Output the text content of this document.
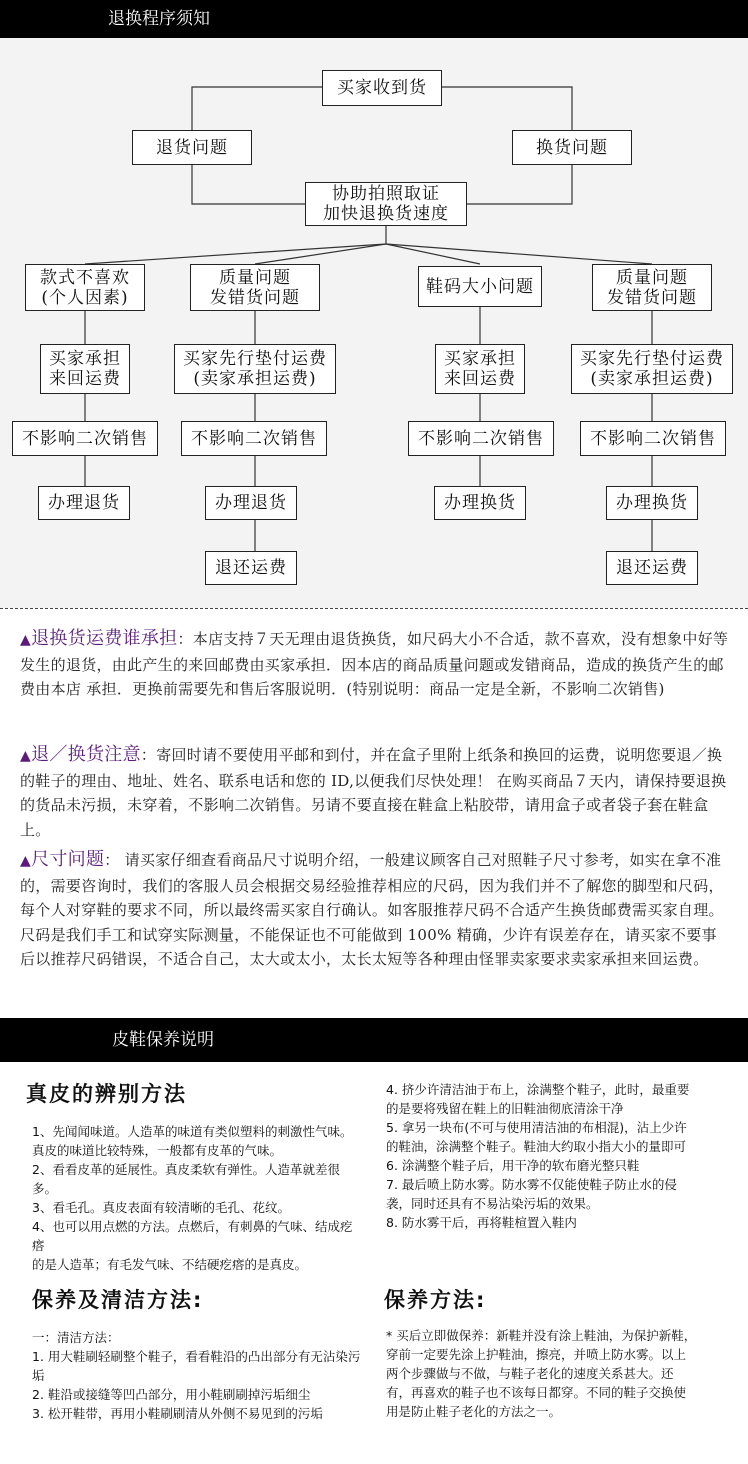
退换程序须知
买家收到货
退货问题	换货问题
协助拍照取证
加快退换货速度
款式不喜欢
(个人因素)
质量问题
发错货问题
鞋码大小问题	质量问题
发错货问题
买家承担
来回运费
买家先行垫付运费
(卖家承担运费)
买家承担
来回运费
买家先行垫付运费
(卖家承担运费)
不影响二次销售	不影响二次销售	不影响二次销售	不影响二次销售
办理退货	办理退货	办理换货	办理换货
退还运费	退还运费
▲退换货运费谁承担：本店支持７天无理由退货换货，如尺码大小不合适，款不喜欢，没有想象中好等发生的退货，由此产生的来回邮费由买家承担．因本店的商品质量问题或发错商品，造成的换货产生的邮费由本店 承担．更换前需要先和售后客服说明．(特别说明：商品一定是全新，不影响二次销售)
▲退／换货注意：寄回时请不要使用平邮和到付，并在盒子里附上纸条和换回的运费，说明您要退／换的鞋子的理由、地址、姓名、联系电话和您的 ID,以便我们尽快处理！ 在购买商品７天内，请保持要退换的货品未污损，未穿着，不影响二次销售。另请不要直接在鞋盒上粘胶带，请用盒子或者袋子套在鞋盒上。
▲尺寸问题： 请买家仔细查看商品尺寸说明介绍，一般建议顾客自己对照鞋子尺寸参考，如实在拿不准的，需要咨询时，我们的客服人员会根据交易经验推荐相应的尺码，因为我们并不了解您的脚型和尺码，每个人对穿鞋的要求不同，所以最终需买家自行确认。如客服推荐尺码不合适产生换货邮费需买家自理。尺码是我们手工和试穿实际测量，不能保证也不可能做到 100% 精确，少许有误差存在，请买家不要事后以推荐尺码错误，不适合自己，太大或太小，太长太短等各种理由怪罪卖家要求卖家承担来回运费。
皮鞋保养说明
真皮的辨别方法
1、先闻闻味道。人造革的味道有类似塑料的刺激性气味。
真皮的味道比较特殊，一般都有皮革的气味。
2、看看皮革的延展性。真皮柔软有弹性。人造革就差很多。
3、看毛孔。真皮表面有较清晰的毛孔、花纹。
4、也可以用点燃的方法。点燃后，有刺鼻的气味、结成疙瘩
的是人造革；有毛发气味、不结硬疙瘩的是真皮。
保养及清洁方法:
一：清洁方法：
1. 用大鞋刷轻刷整个鞋子，看看鞋沿的凸出部分有无沾染污垢
2. 鞋沿或接缝等凹凸部分，用小鞋刷刷掉污垢细尘
3. 松开鞋带，再用小鞋刷刷清从外侧不易见到的污垢
4. 挤少许清洁油于布上，涂满整个鞋子，此时，最重要的是要将残留在鞋上的旧鞋油彻底清涂干净
5. 拿另一块布(不可与使用清洁油的布相混)，沾上少许的鞋油，涂满整个鞋子。鞋油大约取小指大小的量即可
6. 涂满整个鞋子后，用干净的软布磨光整只鞋
7. 最后喷上防水雾。防水雾不仅能使鞋子防止水的侵袭，同时还具有不易沾染污垢的效果。
8. 防水雾干后，再将鞋楦置入鞋内
保养方法:
* 买后立即做保养：新鞋并没有涂上鞋油，为保护新鞋，穿前一定要先涂上护鞋油，擦亮，并喷上防水雾。以上两个步骤做与不做，与鞋子老化的速度关系甚大。还有，再喜欢的鞋子也不该每日都穿。不同的鞋子交换使用是防止鞋子老化的方法之一。
